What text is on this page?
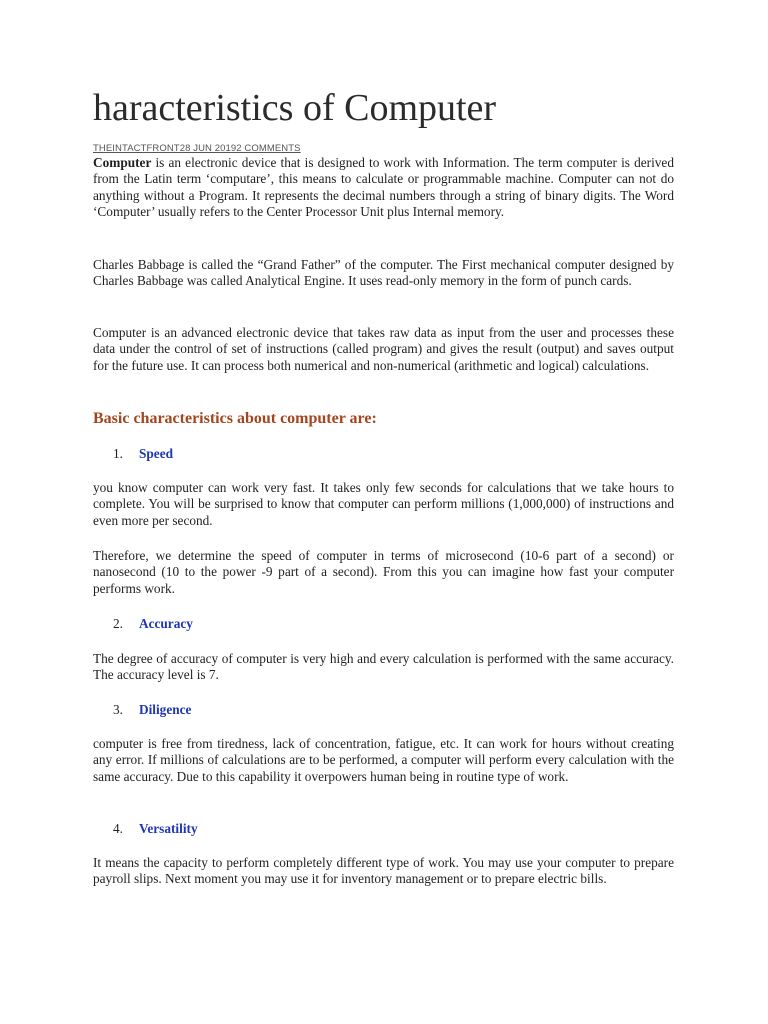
haracteristics of Computer
THEINTACTFRONT28 JUN 20192 COMMENTS

Computer is an electronic device that is designed to work with Information. The term computer is derived from the Latin term ‘computare’, this means to calculate or programmable machine. Computer can not do anything without a Program. It represents the decimal numbers through a string of binary digits. The Word ‘Computer’ usually refers to the Center Processor Unit plus Internal memory.

Charles Babbage is called the “Grand Father” of the computer. The First mechanical computer designed by Charles Babbage was called Analytical Engine. It uses read-only memory in the form of punch cards.

Computer is an advanced electronic device that takes raw data as input from the user and processes these data under the control of set of instructions (called program) and gives the result (output) and saves output for the future use. It can process both numerical and non-numerical (arithmetic and logical) calculations.

Basic characteristics about computer are:
1. Speed

you know computer can work very fast. It takes only few seconds for calculations that we take hours to complete. You will be surprised to know that computer can perform millions (1,000,000) of instructions and even more per second.

Therefore, we determine the speed of computer in terms of microsecond (10-6 part of a second) or nanosecond (10 to the power -9 part of a second). From this you can imagine how fast your computer performs work.

2. Accuracy

The degree of accuracy of computer is very high and every calculation is performed with the same accuracy. The accuracy level is 7.

3. Diligence

computer is free from tiredness, lack of concentration, fatigue, etc. It can work for hours without creating any error. If millions of calculations are to be performed, a computer will perform every calculation with the same accuracy. Due to this capability it overpowers human being in routine type of work.

4. Versatility

It means the capacity to perform completely different type of work. You may use your computer to prepare payroll slips. Next moment you may use it for inventory management or to prepare electric bills.
